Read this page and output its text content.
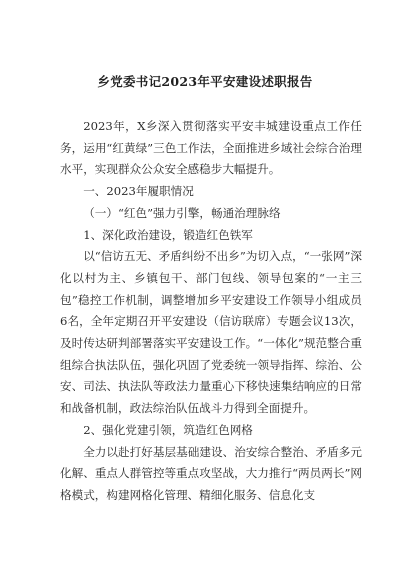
乡党委书记2023年平安建设述职报告

2023年，X乡深入贯彻落实平安丰城建设重点工作任务，运用“红黄绿”三色工作法，全面推进乡域社会综合治理水平，实现群众公众安全感稳步大幅提升。

一、2023年履职情况

（一）“红色”强力引擎，畅通治理脉络

1、深化政治建设，锻造红色铁军

以“信访五无、矛盾纠纷不出乡”为切入点，“一张网”深化以村为主、乡镇包干、部门包线、领导包案的“一主三包”稳控工作机制，调整增加乡平安建设工作领导小组成员6名，全年定期召开平安建设（信访联席）专题会议13次，及时传达研判部署落实平安建设工作。“一体化”规范整合重组综合执法队伍，强化巩固了党委统一领导指挥、综治、公安、司法、执法队等政法力量重心下移快速集结响应的日常和战备机制，政法综治队伍战斗力得到全面提升。

2、强化党建引领，筑造红色网格

全力以赴打好基层基础建设、治安综合整治、矛盾多元化解、重点人群管控等重点攻坚战，大力推行“两员两长”网格模式，构建网格化管理、精细化服务、信息化支
